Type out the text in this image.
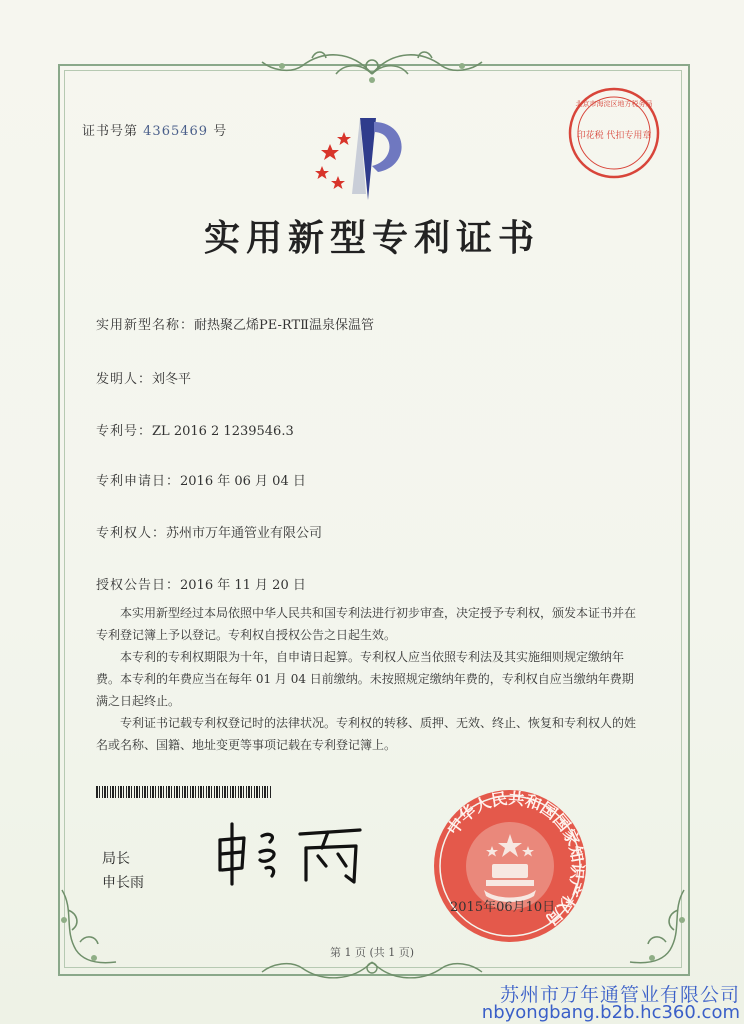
证书号第 4365469 号
北京市海淀区地方税务局
印花税 代扣专用章
实用新型专利证书
实用新型名称：耐热聚乙烯PE-RTⅡ温泉保温管
发明人：刘冬平
专利号：ZL 2016 2 1239546.3
专利申请日：2016 年 06 月 04 日
专利权人：苏州市万年通管业有限公司
授权公告日：2016 年 11 月 20 日

本实用新型经过本局依照中华人民共和国专利法进行初步审查，决定授予专利权，颁发本证书并在专利登记簿上予以登记。专利权自授权公告之日起生效。

本专利的专利权期限为十年，自申请日起算。专利权人应当依照专利法及其实施细则规定缴纳年费。本专利的年费应当在每年 01 月 04 日前缴纳。未按照规定缴纳年费的，专利权自应当缴纳年费期满之日起终止。

专利证书记载专利权登记时的法律状况。专利权的转移、质押、无效、终止、恢复和专利权人的姓名或名称、国籍、地址变更等事项记载在专利登记簿上。

局长
申长雨
中华人民共和国国家知识产权局
2015年06月10日
第 1 页 (共 1 页)
苏州市万年通管业有限公司
nbyongbang.b2b.hc360.com
